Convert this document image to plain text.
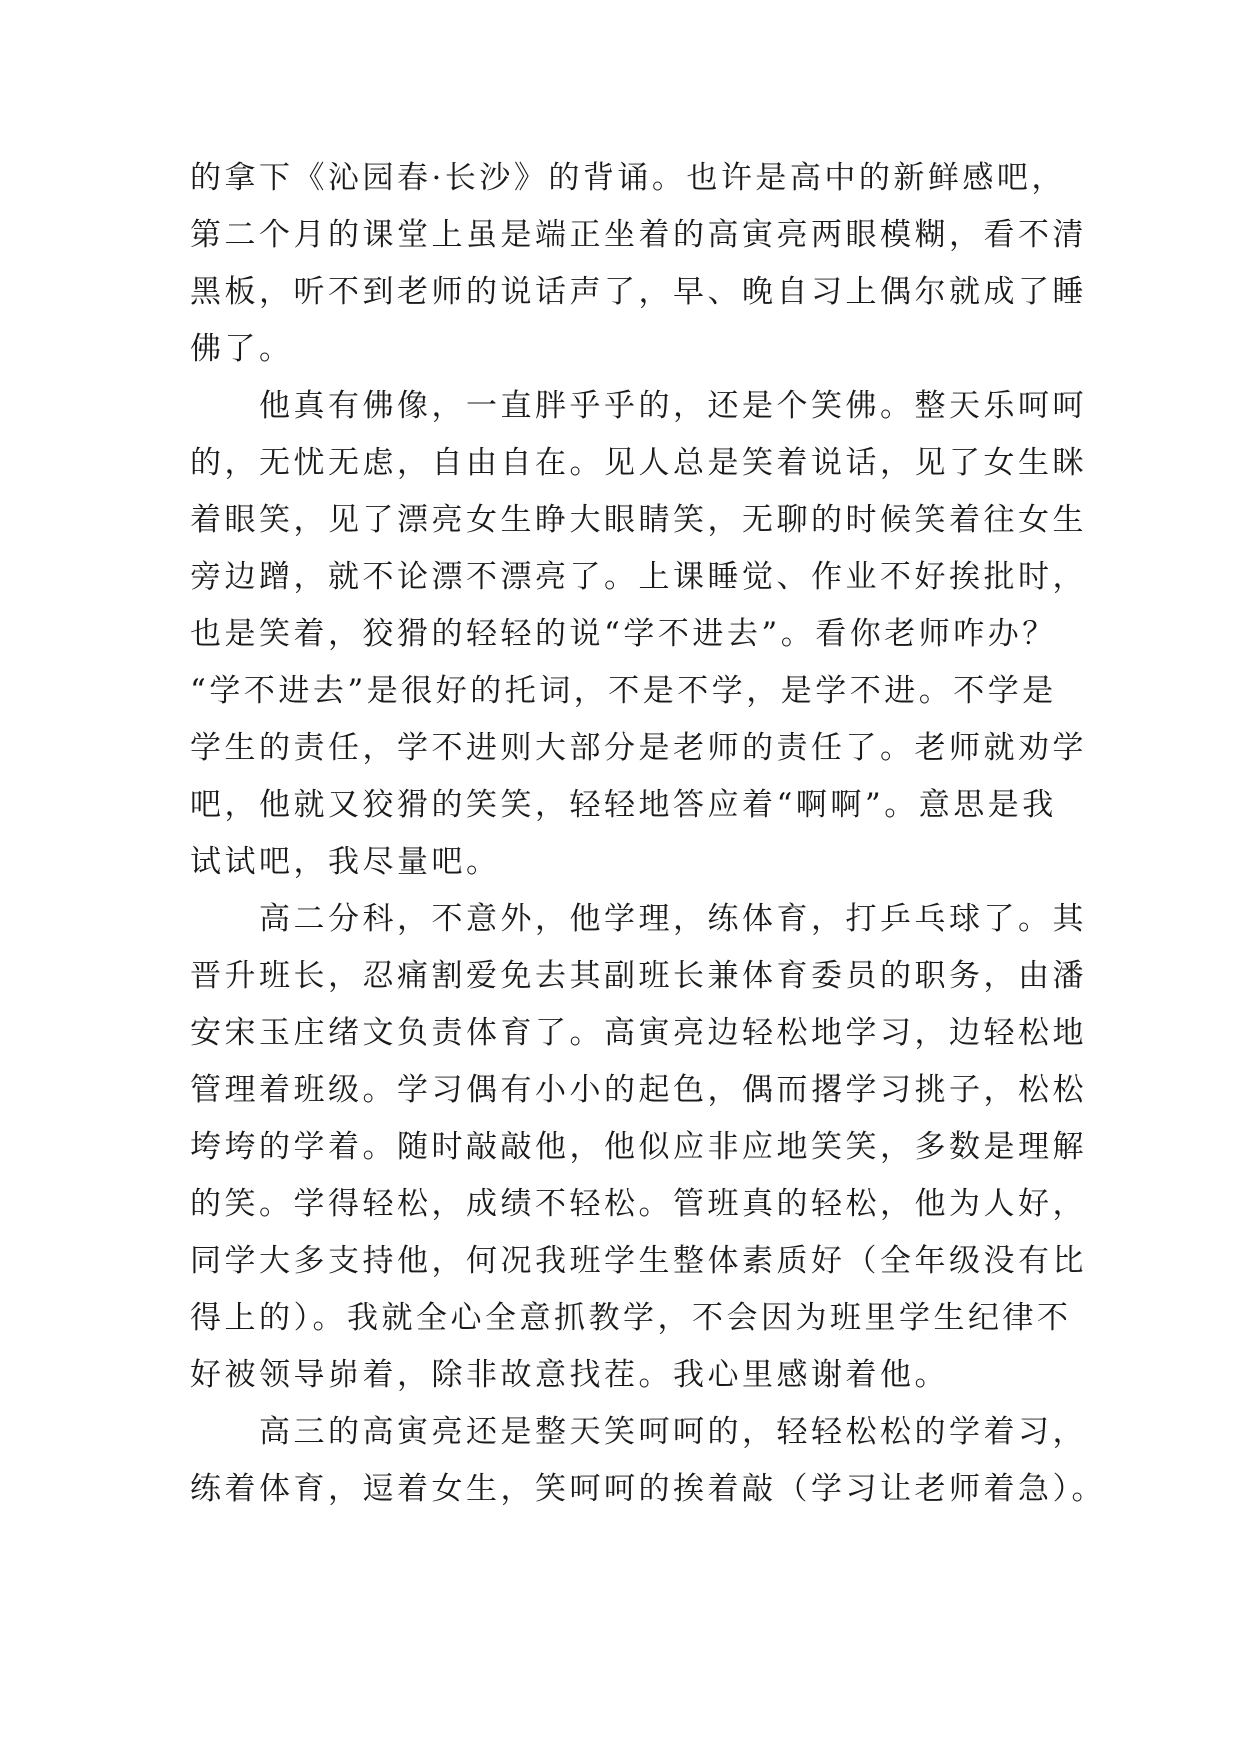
的拿下《沁园春·长沙》的背诵。也许是高中的新鲜感吧，
第二个月的课堂上虽是端正坐着的高寅亮两眼模糊，看不清
黑板，听不到老师的说话声了，早、晚自习上偶尔就成了睡
佛了。
　　他真有佛像，一直胖乎乎的，还是个笑佛。整天乐呵呵
的，无忧无虑，自由自在。见人总是笑着说话，见了女生眯
着眼笑，见了漂亮女生睁大眼睛笑，无聊的时候笑着往女生
旁边蹭，就不论漂不漂亮了。上课睡觉、作业不好挨批时，
也是笑着，狡猾的轻轻的说“学不进去”。看你老师咋办？
“学不进去”是很好的托词，不是不学，是学不进。不学是
学生的责任，学不进则大部分是老师的责任了。老师就劝学
吧，他就又狡猾的笑笑，轻轻地答应着“啊啊”。意思是我
试试吧，我尽量吧。
　　高二分科，不意外，他学理，练体育，打乒乓球了。其
晋升班长，忍痛割爱免去其副班长兼体育委员的职务，由潘
安宋玉庄绪文负责体育了。高寅亮边轻松地学习，边轻松地
管理着班级。学习偶有小小的起色，偶而撂学习挑子，松松
垮垮的学着。随时敲敲他，他似应非应地笑笑，多数是理解
的笑。学得轻松，成绩不轻松。管班真的轻松，他为人好，
同学大多支持他，何况我班学生整体素质好（全年级没有比
得上的）。我就全心全意抓教学，不会因为班里学生纪律不
好被领导峁着，除非故意找茬。我心里感谢着他。
　　高三的高寅亮还是整天笑呵呵的，轻轻松松的学着习，
练着体育，逗着女生，笑呵呵的挨着敲（学习让老师着急）。
